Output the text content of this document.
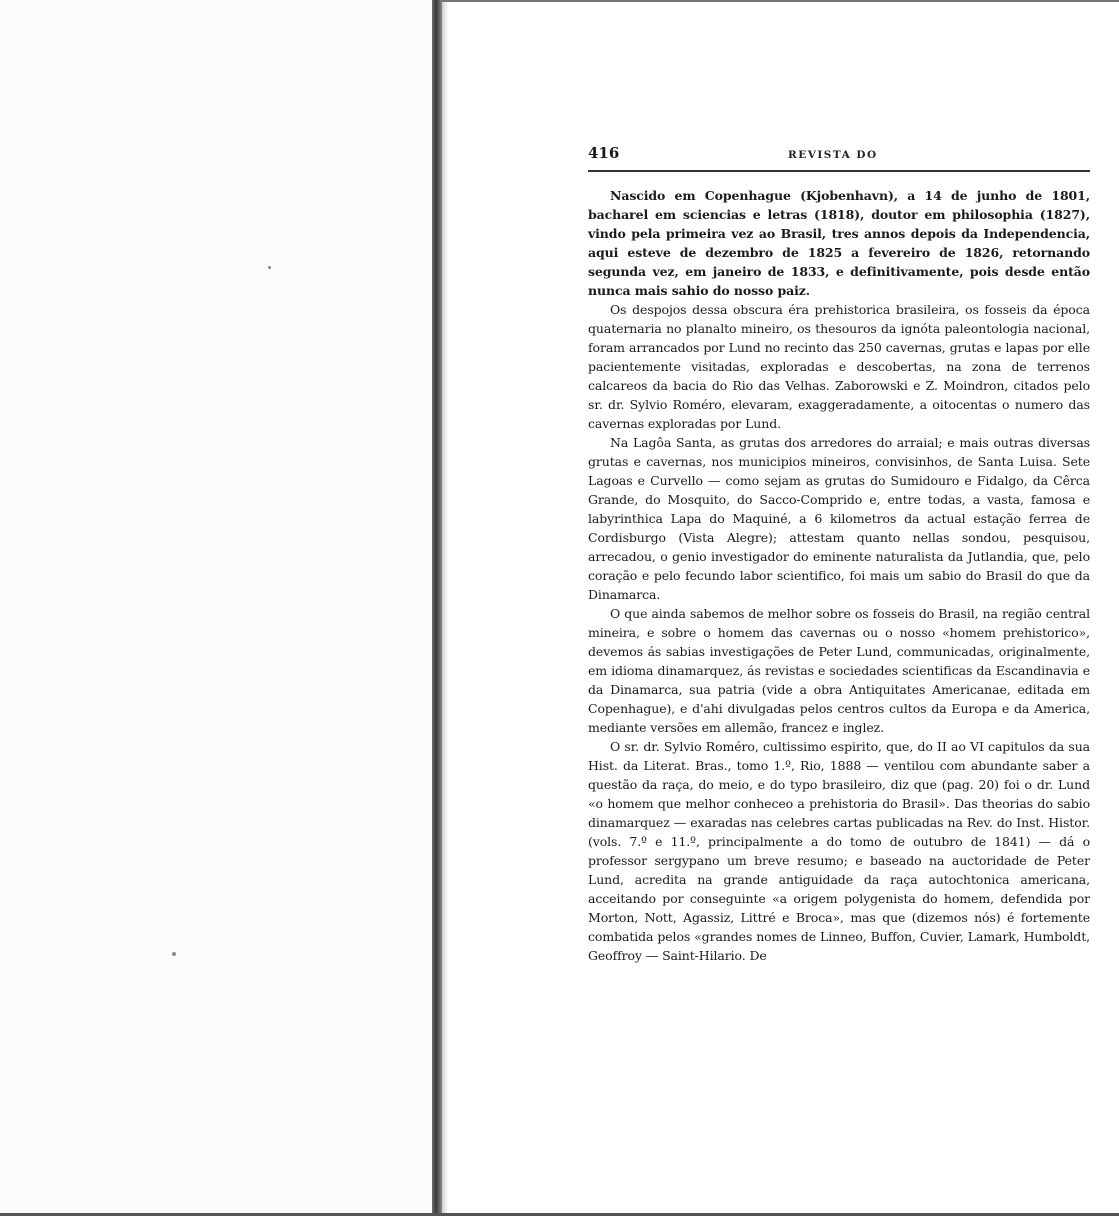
416	REVISTA DO

Nascido em Copenhague (Kjobenhavn), a 14 de junho de 1801, bacharel em sciencias e letras (1818), doutor em philosophia (1827), vindo pela primeira vez ao Brasil, tres annos depois da Independencia, aqui esteve de dezembro de 1825 a fevereiro de 1826, retornando segunda vez, em janeiro de 1833, e definitivamente, pois desde então nunca mais sahio do nosso paiz.

Os despojos dessa obscura éra prehistorica brasileira, os fosseis da época quaternaria no planalto mineiro, os thesouros da ignóta paleontologia nacional, foram arrancados por Lund no recinto das 250 cavernas, grutas e lapas por elle pacientemente visitadas, exploradas e descobertas, na zona de terrenos calcareos da bacia do Rio das Velhas. Zaborowski e Z. Moindron, citados pelo sr. dr. Sylvio Roméro, elevaram, exaggeradamente, a oitocentas o numero das cavernas exploradas por Lund.

Na Lagôa Santa, as grutas dos arredores do arraial; e mais outras diversas grutas e cavernas, nos municipios mineiros, convisinhos, de Santa Luisa. Sete Lagoas e Curvello — como sejam as grutas do Sumidouro e Fidalgo, da Cêrca Grande, do Mosquito, do Sacco-Comprido e, entre todas, a vasta, famosa e labyrinthica Lapa do Maquiné, a 6 kilometros da actual estação ferrea de Cordisburgo (Vista Alegre); attestam quanto nellas sondou, pesquisou, arrecadou, o genio investigador do eminente naturalista da Jutlandia, que, pelo coração e pelo fecundo labor scientifico, foi mais um sabio do Brasil do que da Dinamarca.

O que ainda sabemos de melhor sobre os fosseis do Brasil, na região central mineira, e sobre o homem das cavernas ou o nosso «homem prehistorico», devemos ás sabias investigações de Peter Lund, communicadas, originalmente, em idioma dinamarquez, ás revistas e sociedades scientificas da Escandinavia e da Dinamarca, sua patria (vide a obra Antiquitates Americanae, editada em Copenhague), e d'ahi divulgadas pelos centros cultos da Europa e da America, mediante versões em allemão, francez e inglez.

O sr. dr. Sylvio Roméro, cultissimo espirito, que, do II ao VI capitulos da sua Hist. da Literat. Bras., tomo 1.º, Rio, 1888 — ventilou com abundante saber a questão da raça, do meio, e do typo brasileiro, diz que (pag. 20) foi o dr. Lund «o homem que melhor conheceo a prehistoria do Brasil». Das theorias do sabio dinamarquez — exaradas nas celebres cartas publicadas na Rev. do Inst. Histor. (vols. 7.º e 11.º, principalmente a do tomo de outubro de 1841) — dá o professor sergypano um breve resumo; e baseado na auctoridade de Peter Lund, acredita na grande antiguidade da raça autochtonica americana, acceitando por conseguinte «a origem polygenista do homem, defendida por Morton, Nott, Agassiz, Littré e Broca», mas que (dizemos nós) é fortemente combatida pelos «grandes nomes de Linneo, Buffon, Cuvier, Lamark, Humboldt, Geoffroy — Saint-Hilario. De
